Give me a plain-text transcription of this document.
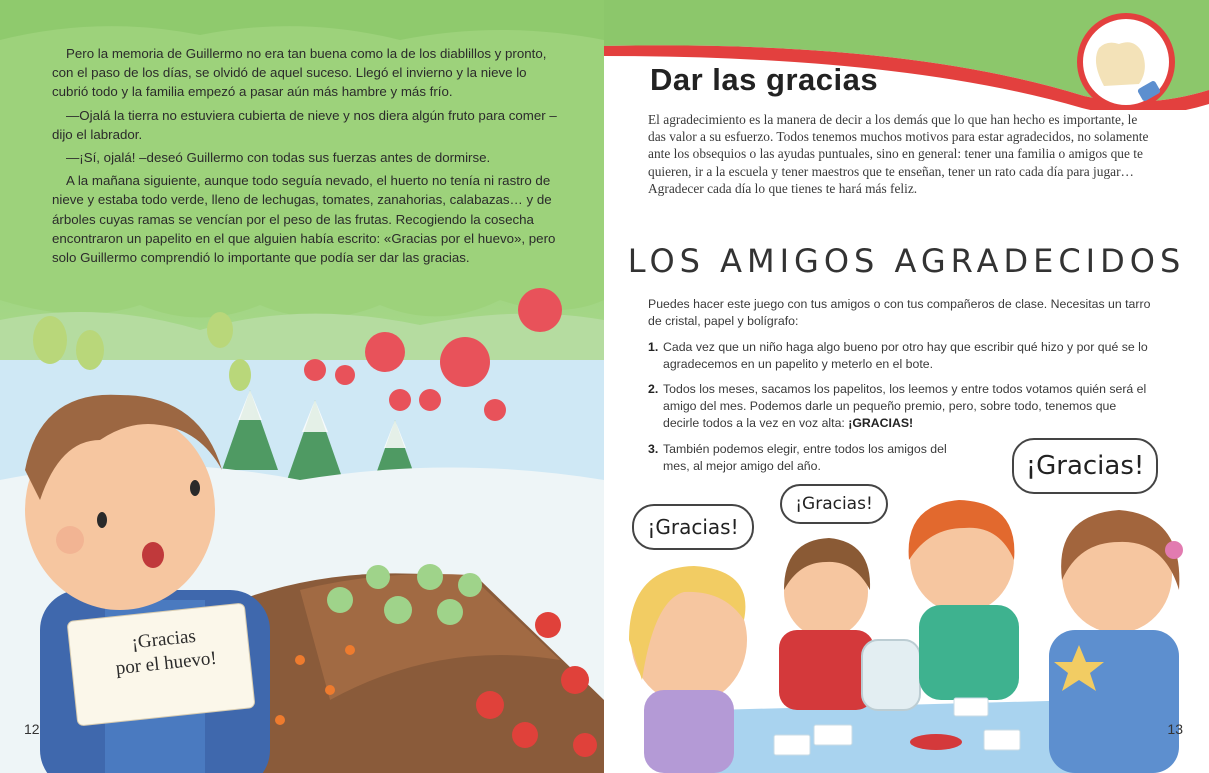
Pero la memoria de Guillermo no era tan buena como la de los diablillos y pronto, con el paso de los días, se olvidó de aquel suceso. Llegó el invierno y la nieve lo cubrió todo y la familia empezó a pasar aún más hambre y más frío.

—Ojalá la tierra no estuviera cubierta de nieve y nos diera algún fruto para comer –dijo el labrador.

—¡Sí, ojalá! –deseó Guillermo con todas sus fuerzas antes de dormirse.

A la mañana siguiente, aunque todo seguía nevado, el huerto no tenía ni rastro de nieve y estaba todo verde, lleno de lechugas, tomates, zanahorias, calabazas… y de árboles cuyas ramas se vencían por el peso de las frutas. Recogiendo la cosecha encontraron un papelito en el que alguien había escrito: «Gracias por el huevo», pero solo Guillermo comprendió lo importante que podía ser dar las gracias.

¡Gracias
por el huevo!
12
Dar las gracias

El agradecimiento es la manera de decir a los demás que lo que han hecho es importante, le das valor a su esfuerzo. Todos tenemos muchos motivos para estar agradecidos, no solamente ante los obsequios o las ayudas puntuales, sino en general: tener una familia o amigos que te quieren, ir a la escuela y tener maestros que te enseñan, tener un rato cada día para jugar… Agradecer cada día lo que tienes te hará más feliz.

LOS AMIGOS AGRADECIDOS

Puedes hacer este juego con tus amigos o con tus compañeros de clase. Necesitas un tarro de cristal, papel y bolígrafo:

1. Cada vez que un niño haga algo bueno por otro hay que escribir qué hizo y por qué se lo agradecemos en un papelito y meterlo en el bote.
2. Todos los meses, sacamos los papelitos, los leemos y entre todos votamos quién será el amigo del mes. Podemos darle un pequeño premio, pero, sobre todo, tenemos que decirle todos a la vez en voz alta: ¡GRACIAS!
3. También podemos elegir, entre todos los amigos del mes, al mejor amigo del año.
¡Gracias!
¡Gracias!
¡Gracias!
13
